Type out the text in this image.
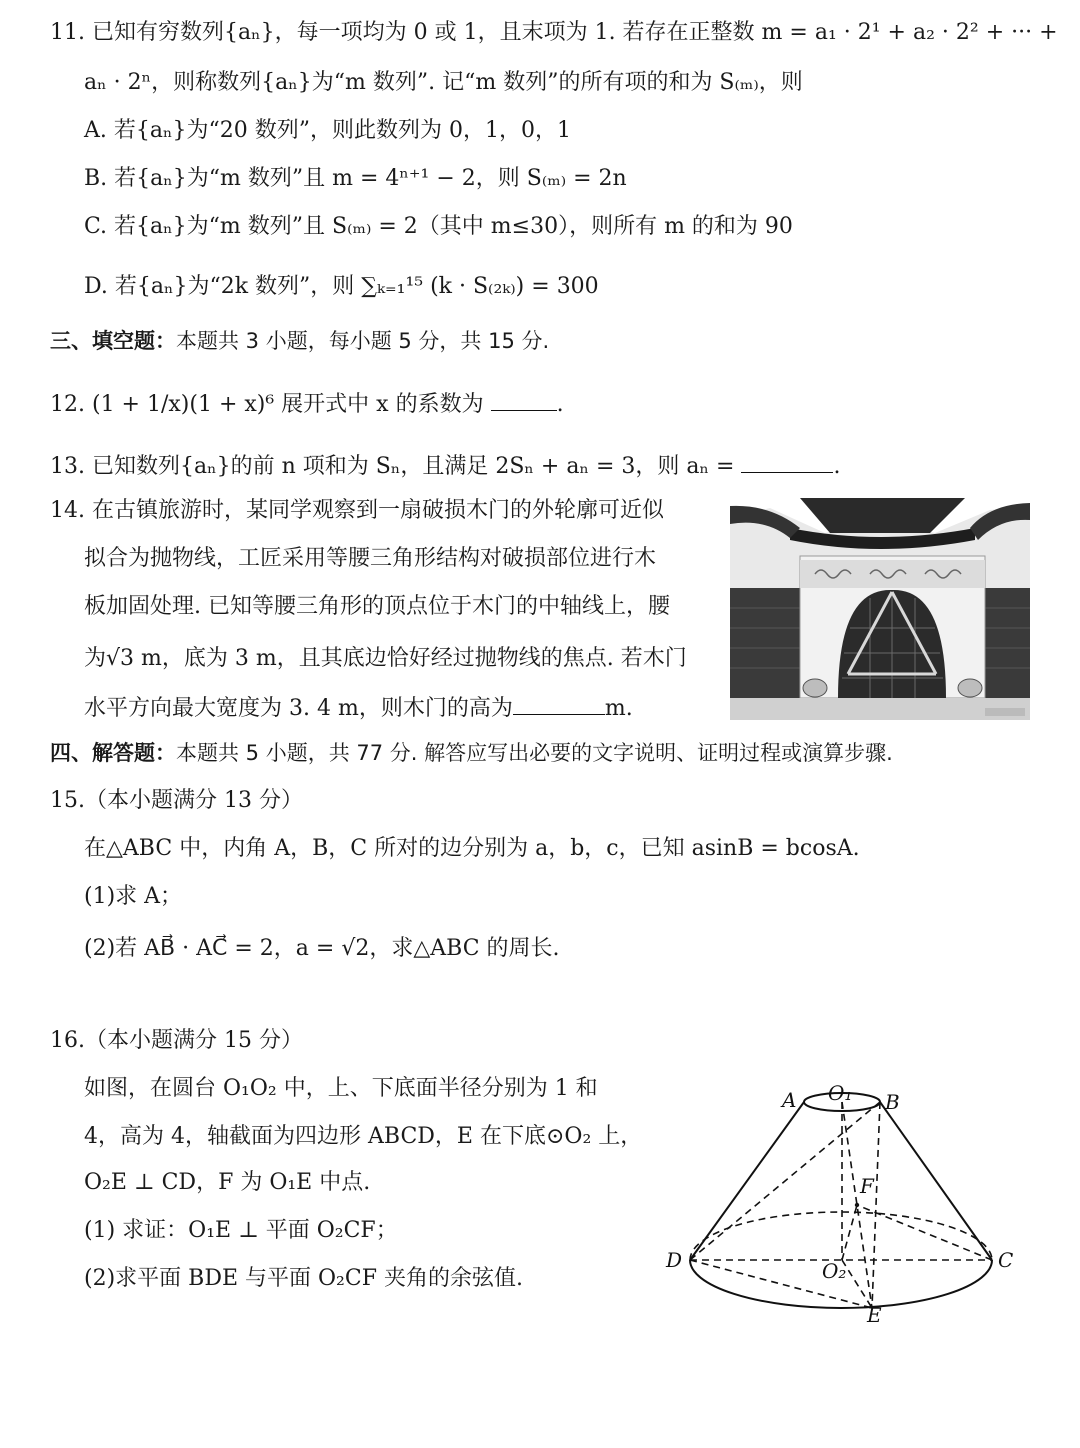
11. 已知有穷数列{aₙ}，每一项均为 0 或 1，且末项为 1. 若存在正整数 m = a₁ · 2¹ + a₂ · 2² + ··· +
aₙ · 2ⁿ，则称数列{aₙ}为“m 数列”. 记“m 数列”的所有项的和为 S₍ₘ₎，则
A. 若{aₙ}为“20 数列”，则此数列为 0，1，0，1
B. 若{aₙ}为“m 数列”且 m = 4ⁿ⁺¹ − 2，则 S₍ₘ₎ = 2n
C. 若{aₙ}为“m 数列”且 S₍ₘ₎ = 2（其中 m≤30），则所有 m 的和为 90
D. 若{aₙ}为“2k 数列”，则 ∑ₖ₌₁¹⁵ (k · S₍₂ₖ₎) = 300
三、填空题：本题共 3 小题，每小题 5 分，共 15 分.
12. (1 + 1/x)(1 + x)⁶ 展开式中 x 的系数为	.
13. 已知数列{aₙ}的前 n 项和为 Sₙ，且满足 2Sₙ + aₙ = 3，则 aₙ =	.
14. 在古镇旅游时，某同学观察到一扇破损木门的外轮廓可近似
拟合为抛物线，工匠采用等腰三角形结构对破损部位进行木
板加固处理. 已知等腰三角形的顶点位于木门的中轴线上，腰
为√3 m，底为 3 m，且其底边恰好经过抛物线的焦点. 若木门
水平方向最大宽度为 3. 4 m，则木门的高为	m.
四、解答题：本题共 5 小题，共 77 分. 解答应写出必要的文字说明、证明过程或演算步骤.
15.（本小题满分 13 分）
在△ABC 中，内角 A，B，C 所对的边分别为 a，b，c，已知 asinB = bcosA.
(1)求 A；
(2)若 AB⃗ · AC⃗ = 2，a = √2，求△ABC 的周长.
16.（本小题满分 15 分）
如图，在圆台 O₁O₂ 中，上、下底面半径分别为 1 和
4，高为 4，轴截面为四边形 ABCD，E 在下底⊙O₂ 上，
O₂E ⊥ CD，F 为 O₁E 中点.
(1) 求证：O₁E ⊥ 平面 O₂CF；
(2)求平面 BDE 与平面 O₂CF 夹角的余弦值.
A O₁ B
F
D	O₂	C
E
